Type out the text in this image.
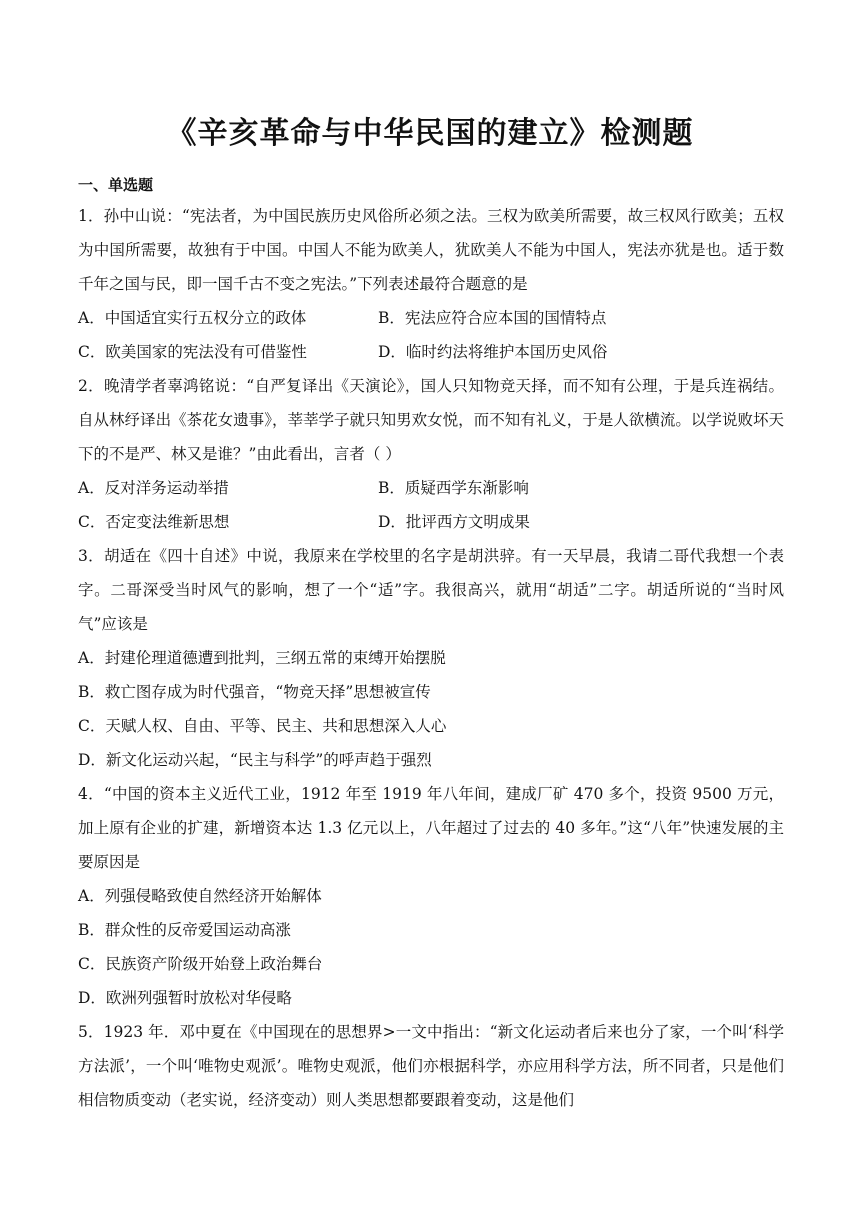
《辛亥革命与中华民国的建立》检测题
一、单选题

1．孙中山说：“宪法者，为中国民族历史风俗所必须之法。三权为欧美所需要，故三权风行欧美；五权为中国所需要，故独有于中国。中国人不能为欧美人，犹欧美人不能为中国人，宪法亦犹是也。适于数千年之国与民，即一国千古不变之宪法。”下列表述最符合题意的是

A．中国适宜实行五权分立的政体	B．宪法应符合应本国的国情特点

C．欧美国家的宪法没有可借鉴性	D．临时约法将维护本国历史风俗

2．晚清学者辜鸿铭说：“自严复译出《天演论》，国人只知物竞天择，而不知有公理，于是兵连祸结。自从林纾译出《茶花女遗事》，莘莘学子就只知男欢女悦，而不知有礼义，于是人欲横流。以学说败坏天下的不是严、林又是谁？”由此看出，言者（ ）

A．反对洋务运动举措	B．质疑西学东渐影响

C．否定变法维新思想	D．批评西方文明成果

3．胡适在《四十自述》中说，我原来在学校里的名字是胡洪骍。有一天早晨，我请二哥代我想一个表字。二哥深受当时风气的影响，想了一个“适”字。我很高兴，就用“胡适”二字。胡适所说的“当时风气”应该是

A．封建伦理道德遭到批判，三纲五常的束缚开始摆脱

B．救亡图存成为时代强音，“物竞天择”思想被宣传

C．天赋人权、自由、平等、民主、共和思想深入人心

D．新文化运动兴起，“民主与科学”的呼声趋于强烈

4．“中国的资本主义近代工业，1912 年至 1919 年八年间，建成厂矿 470 多个，投资 9500 万元，加上原有企业的扩建，新增资本达 1.3 亿元以上，八年超过了过去的 40 多年。”这“八年”快速发展的主要原因是

A．列强侵略致使自然经济开始解体

B．群众性的反帝爱国运动高涨

C．民族资产阶级开始登上政治舞台

D．欧洲列强暂时放松对华侵略

5．1923 年．邓中夏在《中国现在的思想界>一文中指出：“新文化运动者后来也分了家，一个叫‘科学方法派’，一个叫‘唯物史观派’。唯物史观派，他们亦根据科学，亦应用科学方法，所不同者，只是他们相信物质变动（老实说，经济变动）则人类思想都要跟着变动，这是他们
